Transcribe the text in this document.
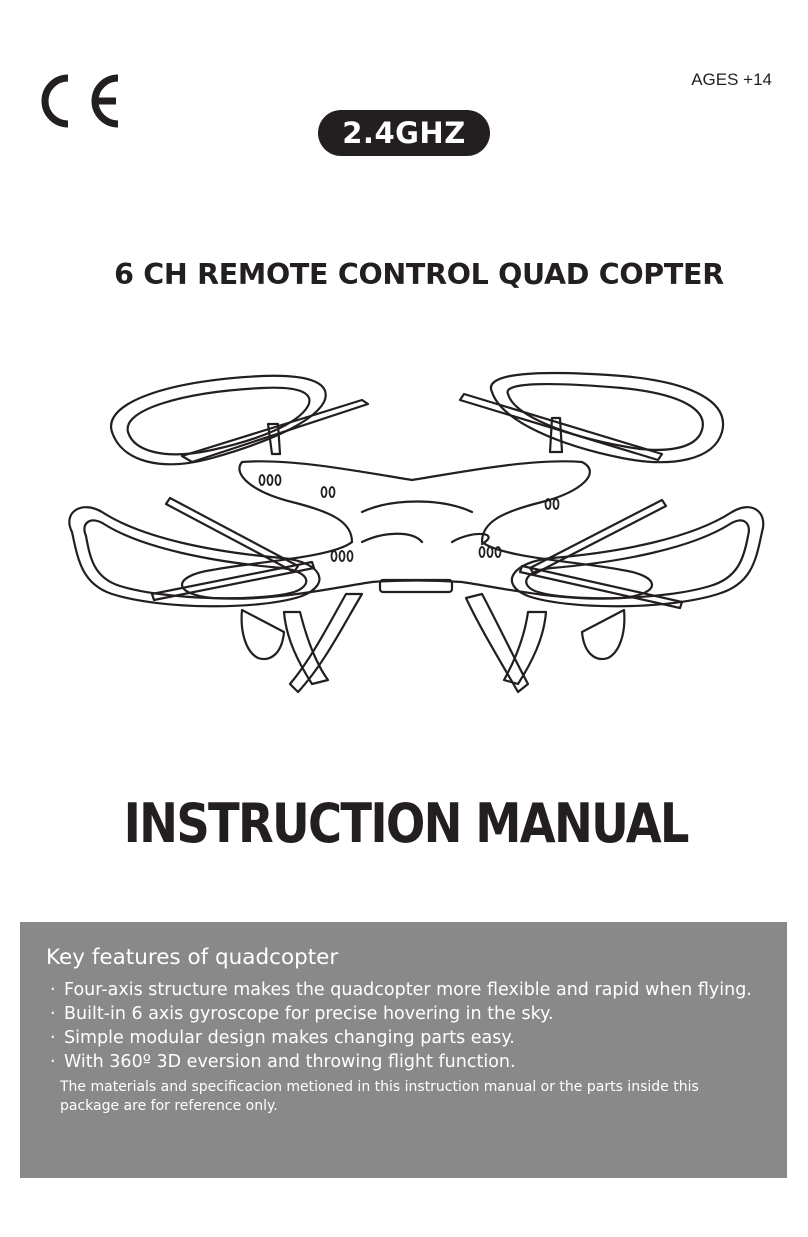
AGES +14
2.4GHZ
6 CH REMOTE CONTROL QUAD COPTER
INSTRUCTION MANUAL
Key features of quadcopter
· Four-axis structure makes the quadcopter more flexible and rapid when flying.
· Built-in 6 axis gyroscope for precise hovering in the sky.
· Simple modular design makes changing parts easy.
· With 360º 3D eversion and throwing flight function.

The materials and specificacion metioned in this instruction manual or the parts inside this package are for reference only.
